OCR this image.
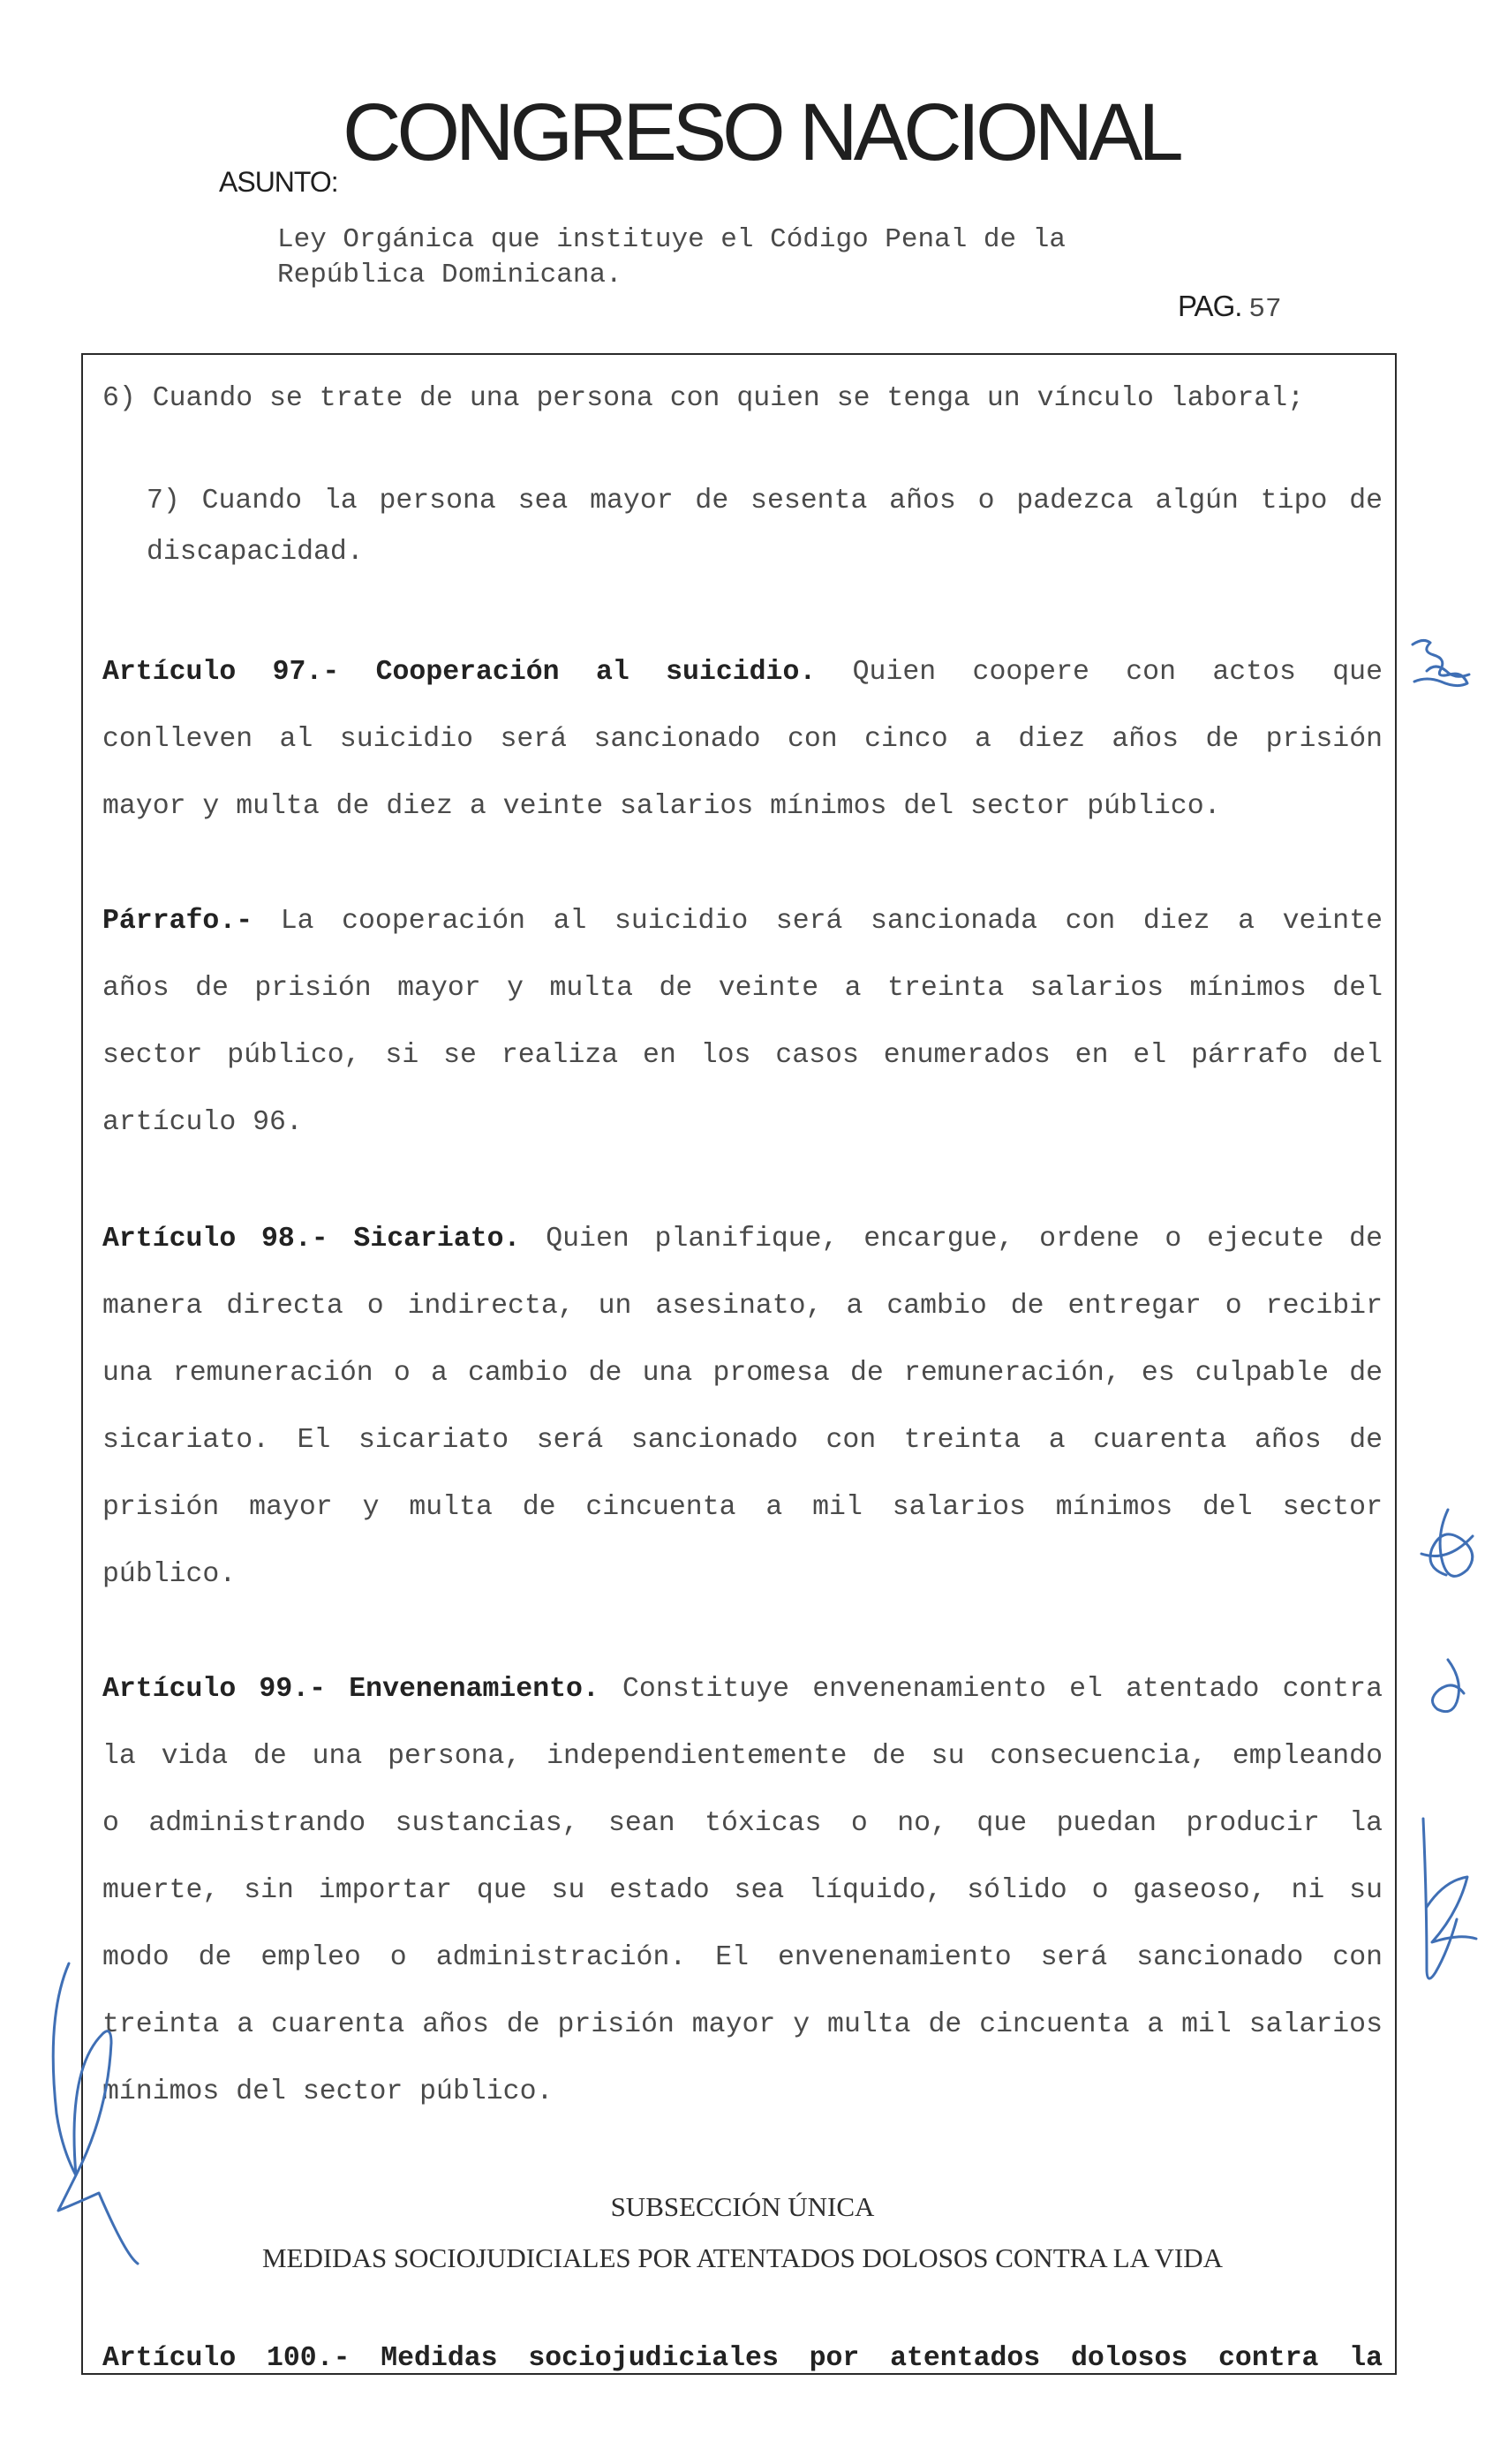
CONGRESO NACIONAL
ASUNTO:
Ley Orgánica que instituye el Código Penal de la
República Dominicana.
PAG. 57
6) Cuando se trate de una persona con quien se tenga un vínculo laboral;
7) Cuando la persona sea mayor de sesenta años o padezca algún tipo de
discapacidad.
Artículo 97.- Cooperación al suicidio. Quien coopere con actos que
conlleven al suicidio será sancionado con cinco a diez años de prisión
mayor y multa de diez a veinte salarios mínimos del sector público.
Párrafo.- La cooperación al suicidio será sancionada con diez a veinte
años de prisión mayor y multa de veinte a treinta salarios mínimos del
sector público, si se realiza en los casos enumerados en el párrafo del
artículo 96.
Artículo 98.- Sicariato. Quien planifique, encargue, ordene o ejecute de
manera directa o indirecta, un asesinato, a cambio de entregar o recibir
una remuneración o a cambio de una promesa de remuneración, es culpable de
sicariato. El sicariato será sancionado con treinta a cuarenta años de
prisión mayor y multa de cincuenta a mil salarios mínimos del sector
público.
Artículo 99.- Envenenamiento. Constituye envenenamiento el atentado contra
la vida de una persona, independientemente de su consecuencia, empleando
o administrando sustancias, sean tóxicas o no, que puedan producir la
muerte, sin importar que su estado sea líquido, sólido o gaseoso, ni su
modo de empleo o administración. El envenenamiento será sancionado con
treinta a cuarenta años de prisión mayor y multa de cincuenta a mil salarios
mínimos del sector público.
SUBSECCIÓN ÚNICA
MEDIDAS SOCIOJUDICIALES POR ATENTADOS DOLOSOS CONTRA LA VIDA
Artículo 100.- Medidas sociojudiciales por atentados dolosos contra la
